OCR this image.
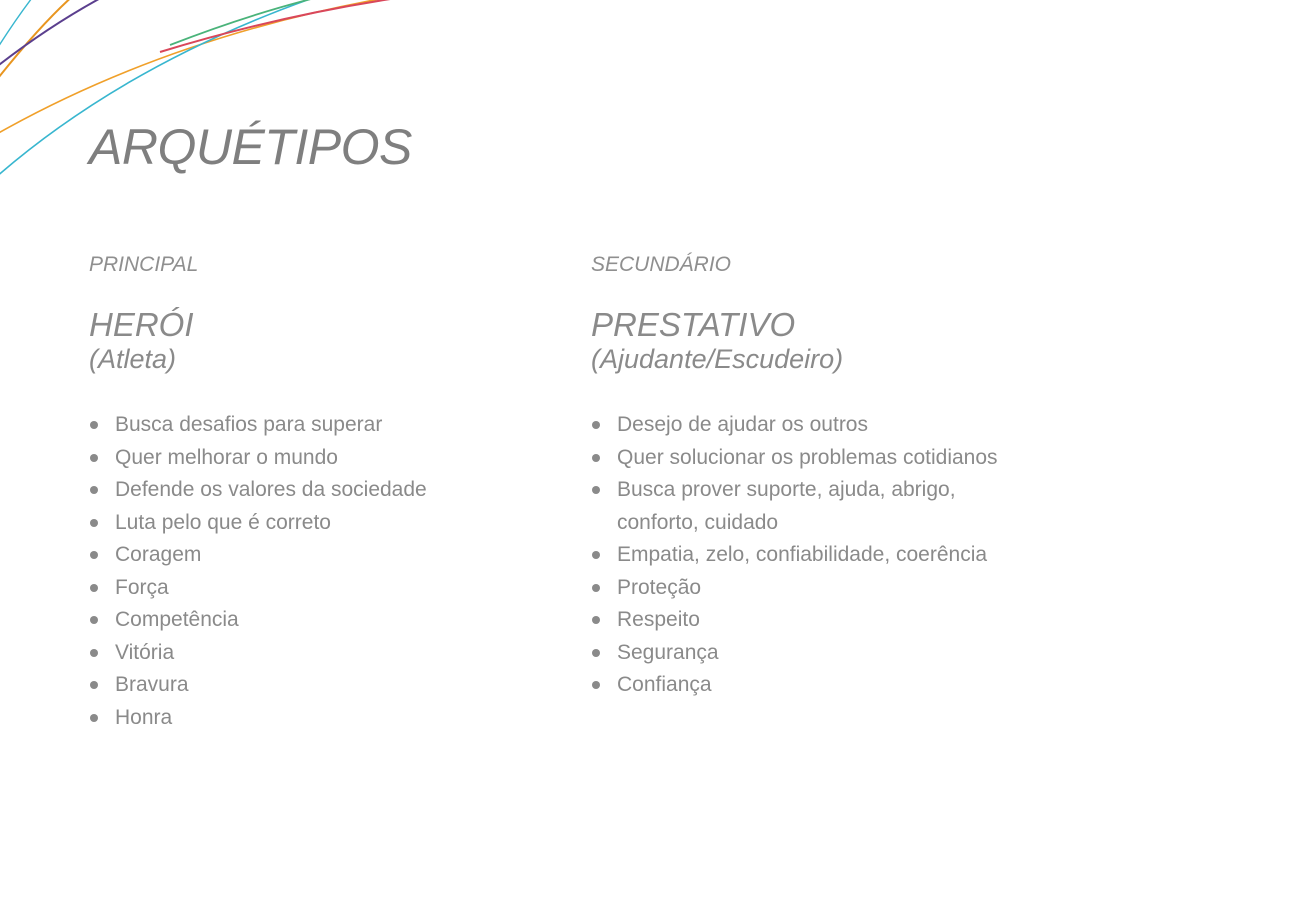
ARQUÉTIPOS
PRINCIPAL
HERÓI
(Atleta)
Busca desafios para superar
Quer melhorar o mundo
Defende os valores da sociedade
Luta pelo que é correto
Coragem
Força
Competência
Vitória
Bravura
Honra
SECUNDÁRIO
PRESTATIVO
(Ajudante/Escudeiro)
Desejo de ajudar os outros
Quer solucionar os problemas cotidianos
Busca prover suporte, ajuda, abrigo, conforto, cuidado
Empatia, zelo, confiabilidade, coerência
Proteção
Respeito
Segurança
Confiança
